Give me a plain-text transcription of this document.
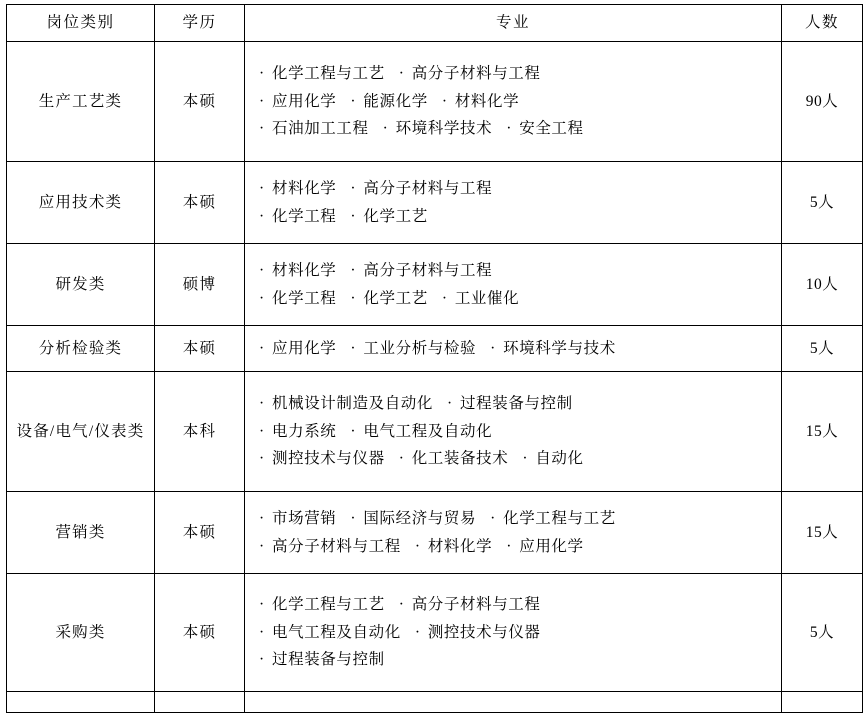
岗位类别	学历	专业	人数
生产工艺类	本硕	· 化学工程与工艺 · 高分子材料与工程
· 应用化学 · 能源化学 · 材料化学
· 石油加工工程 · 环境科学技术 · 安全工程	90人
应用技术类	本硕	· 材料化学 · 高分子材料与工程
· 化学工程 · 化学工艺	5人
研发类	硕博	· 材料化学 · 高分子材料与工程
· 化学工程 · 化学工艺 · 工业催化	10人
分析检验类	本硕	· 应用化学 · 工业分析与检验 · 环境科学与技术	5人
设备/电气/仪表类	本科	· 机械设计制造及自动化 · 过程装备与控制
· 电力系统 · 电气工程及自动化
· 测控技术与仪器 · 化工装备技术 · 自动化	15人
营销类	本硕	· 市场营销 · 国际经济与贸易 · 化学工程与工艺
· 高分子材料与工程 · 材料化学 · 应用化学	15人
采购类	本硕	· 化学工程与工艺 · 高分子材料与工程
· 电气工程及自动化 · 测控技术与仪器
· 过程装备与控制	5人
